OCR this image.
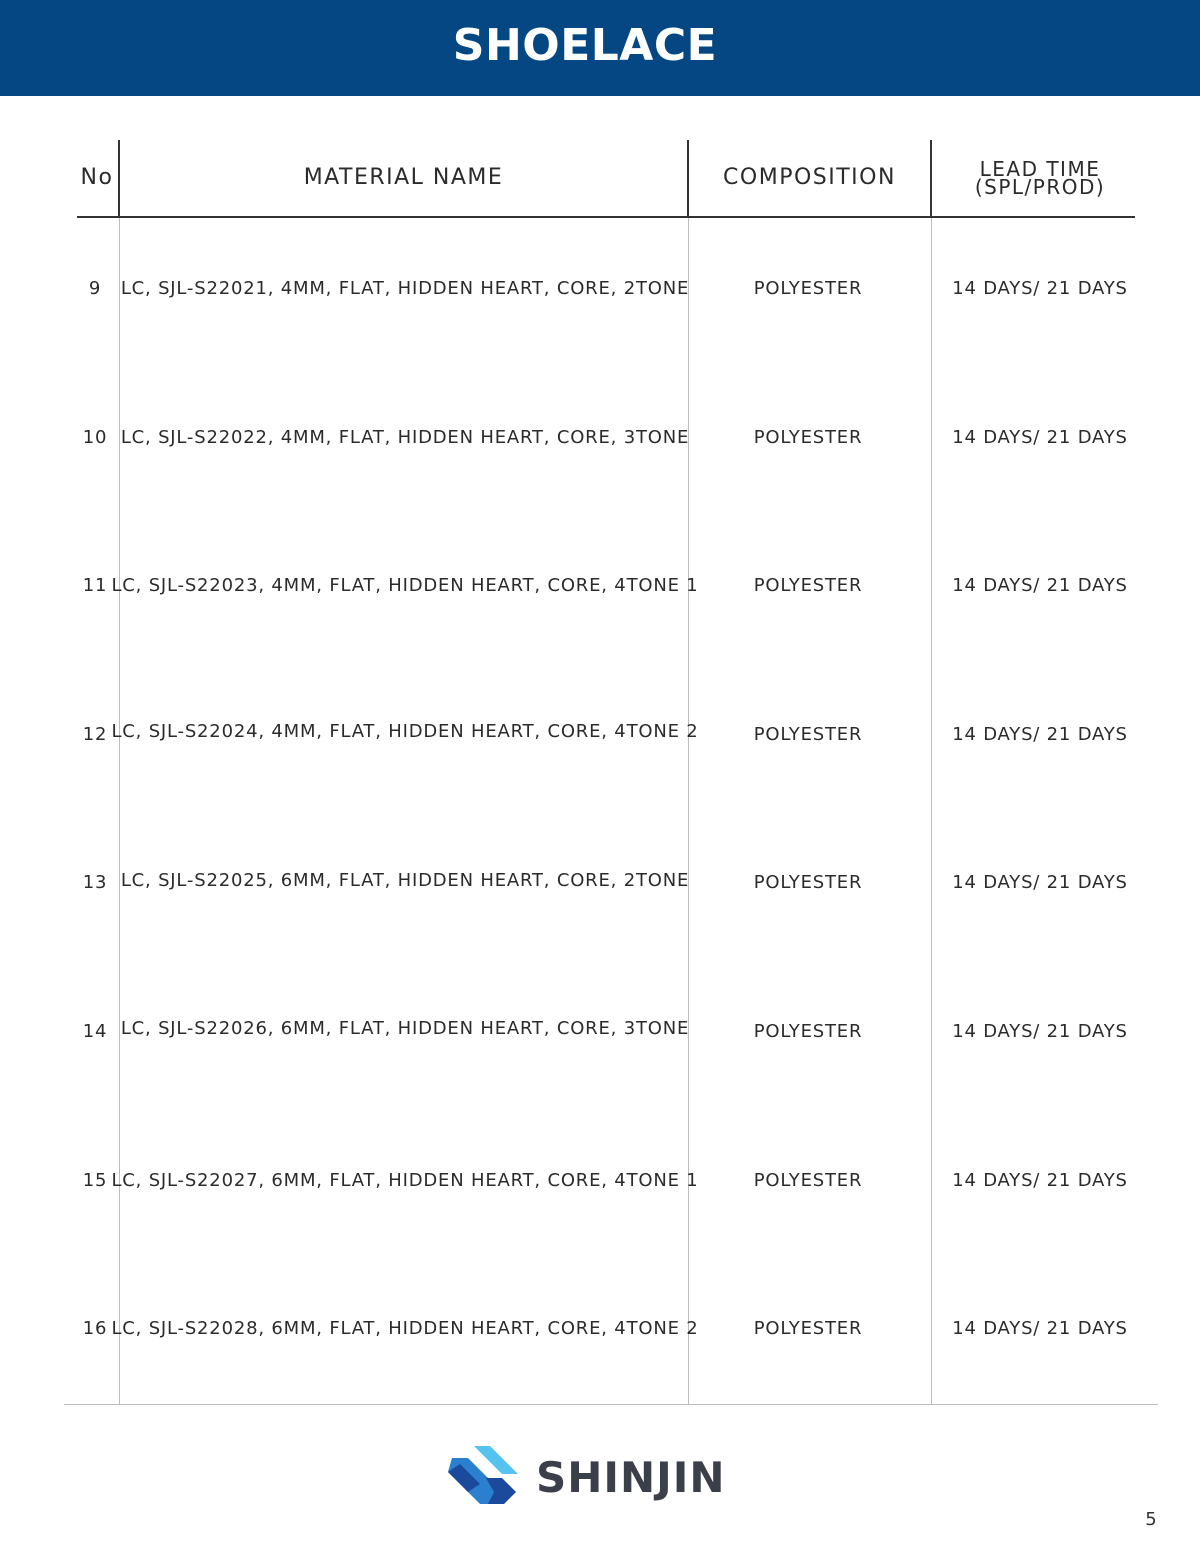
SHOELACE
No	MATERIAL NAME	COMPOSITION	LEAD TIME
(SPL/PROD)
9	LC, SJL-S22021, 4MM, FLAT, HIDDEN HEART, CORE, 2TONE	POLYESTER	14 DAYS/ 21 DAYS
10 LC, SJL-S22022, 4MM, FLAT, HIDDEN HEART, CORE, 3TONE	POLYESTER	14 DAYS/ 21 DAYS
11 LC, SJL-S22023, 4MM, FLAT, HIDDEN HEART, CORE, 4TONE 1	POLYESTER	14 DAYS/ 21 DAYS
12 LC, SJL-S22024, 4MM, FLAT, HIDDEN HEART, CORE, 4TONE 2	POLYESTER	14 DAYS/ 21 DAYS
13 LC, SJL-S22025, 6MM, FLAT, HIDDEN HEART, CORE, 2TONE	POLYESTER	14 DAYS/ 21 DAYS
14 LC, SJL-S22026, 6MM, FLAT, HIDDEN HEART, CORE, 3TONE	POLYESTER	14 DAYS/ 21 DAYS
15 LC, SJL-S22027, 6MM, FLAT, HIDDEN HEART, CORE, 4TONE 1	POLYESTER	14 DAYS/ 21 DAYS
16 LC, SJL-S22028, 6MM, FLAT, HIDDEN HEART, CORE, 4TONE 2	POLYESTER	14 DAYS/ 21 DAYS
SHINJIN
5
